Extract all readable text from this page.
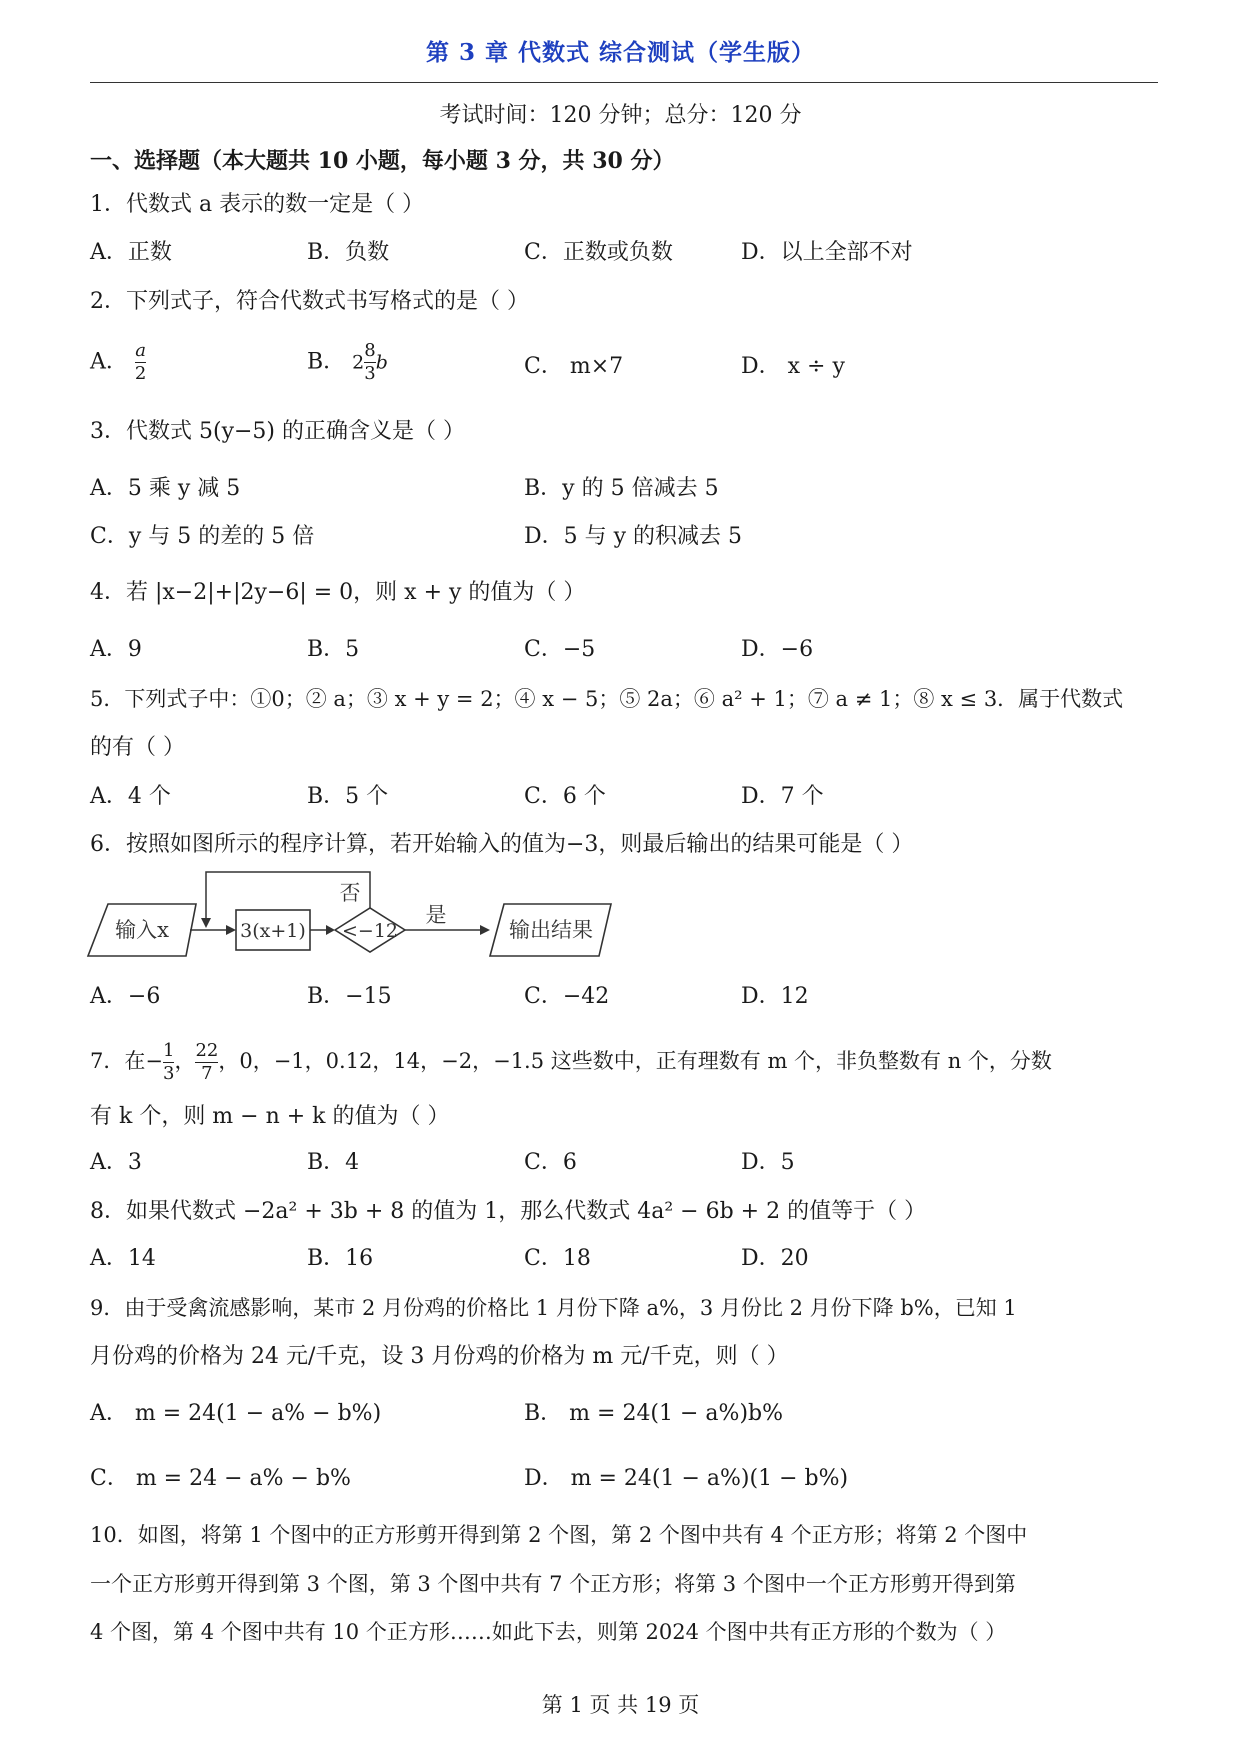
第 3 章 代数式 综合测试（学生版）
考试时间：120 分钟；总分：120 分
一、选择题（本大题共 10 小题，每小题 3 分，共 30 分）
1．代数式 a 表示的数一定是（ ）
A．正数	B．负数	C．正数或负数	D．以上全部不对
2．下列式子，符合代数式书写格式的是（ ）
A． $\frac{a}{2}$	B． $2 \frac{8}{3}$ b	C． m×7	D． x ÷ y
3．代数式 5(y−5) 的正确含义是（ ）
A．5 乘 y 减 5	B．y 的 5 倍减去 5
C．y 与 5 的差的 5 倍	D．5 与 y 的积减去 5
4．若 |x−2|+|2y−6| = 0，则 x + y 的值为（ ）
A．9	B．5	C．−5	D．−6
5．下列式子中：①0；② a；③ x + y = 2；④ x − 5；⑤ 2a；⑥ a² + 1；⑦ a ≠ 1；⑧ x ≤ 3．属于代数式
的有（ ）
A．4 个	B．5 个	C．6 个	D．7 个
6．按照如图所示的程序计算，若开始输入的值为−3，则最后输出的结果可能是（ ）
输入x	3(x+1) <−12
否
是
输出结果
A．−6	B．−15	C．−42	D．12
7．在− $\frac{1}{3}$ ， $\frac{22}{7}$ ，0，−1，0.12，14，−2，−1.5 这些数中，正有理数有 m 个，非负整数有 n 个，分数
有 k 个，则 m − n + k 的值为（ ）
A．3	B．4	C．6	D．5
8．如果代数式 −2a² + 3b + 8 的值为 1，那么代数式 4a² − 6b + 2 的值等于（ ）
A．14	B．16	C．18	D．20
9．由于受禽流感影响，某市 2 月份鸡的价格比 1 月份下降 a%，3 月份比 2 月份下降 b%，已知 1
月份鸡的价格为 24 元/千克，设 3 月份鸡的价格为 m 元/千克，则（ ）
A． m = 24(1 − a% − b%)	B． m = 24(1 − a%)b%
C． m = 24 − a% − b%	D． m = 24(1 − a%)(1 − b%)
10．如图，将第 1 个图中的正方形剪开得到第 2 个图，第 2 个图中共有 4 个正方形；将第 2 个图中
一个正方形剪开得到第 3 个图，第 3 个图中共有 7 个正方形；将第 3 个图中一个正方形剪开得到第
4 个图，第 4 个图中共有 10 个正方形……如此下去，则第 2024 个图中共有正方形的个数为（ ）
第 1 页 共 19 页
